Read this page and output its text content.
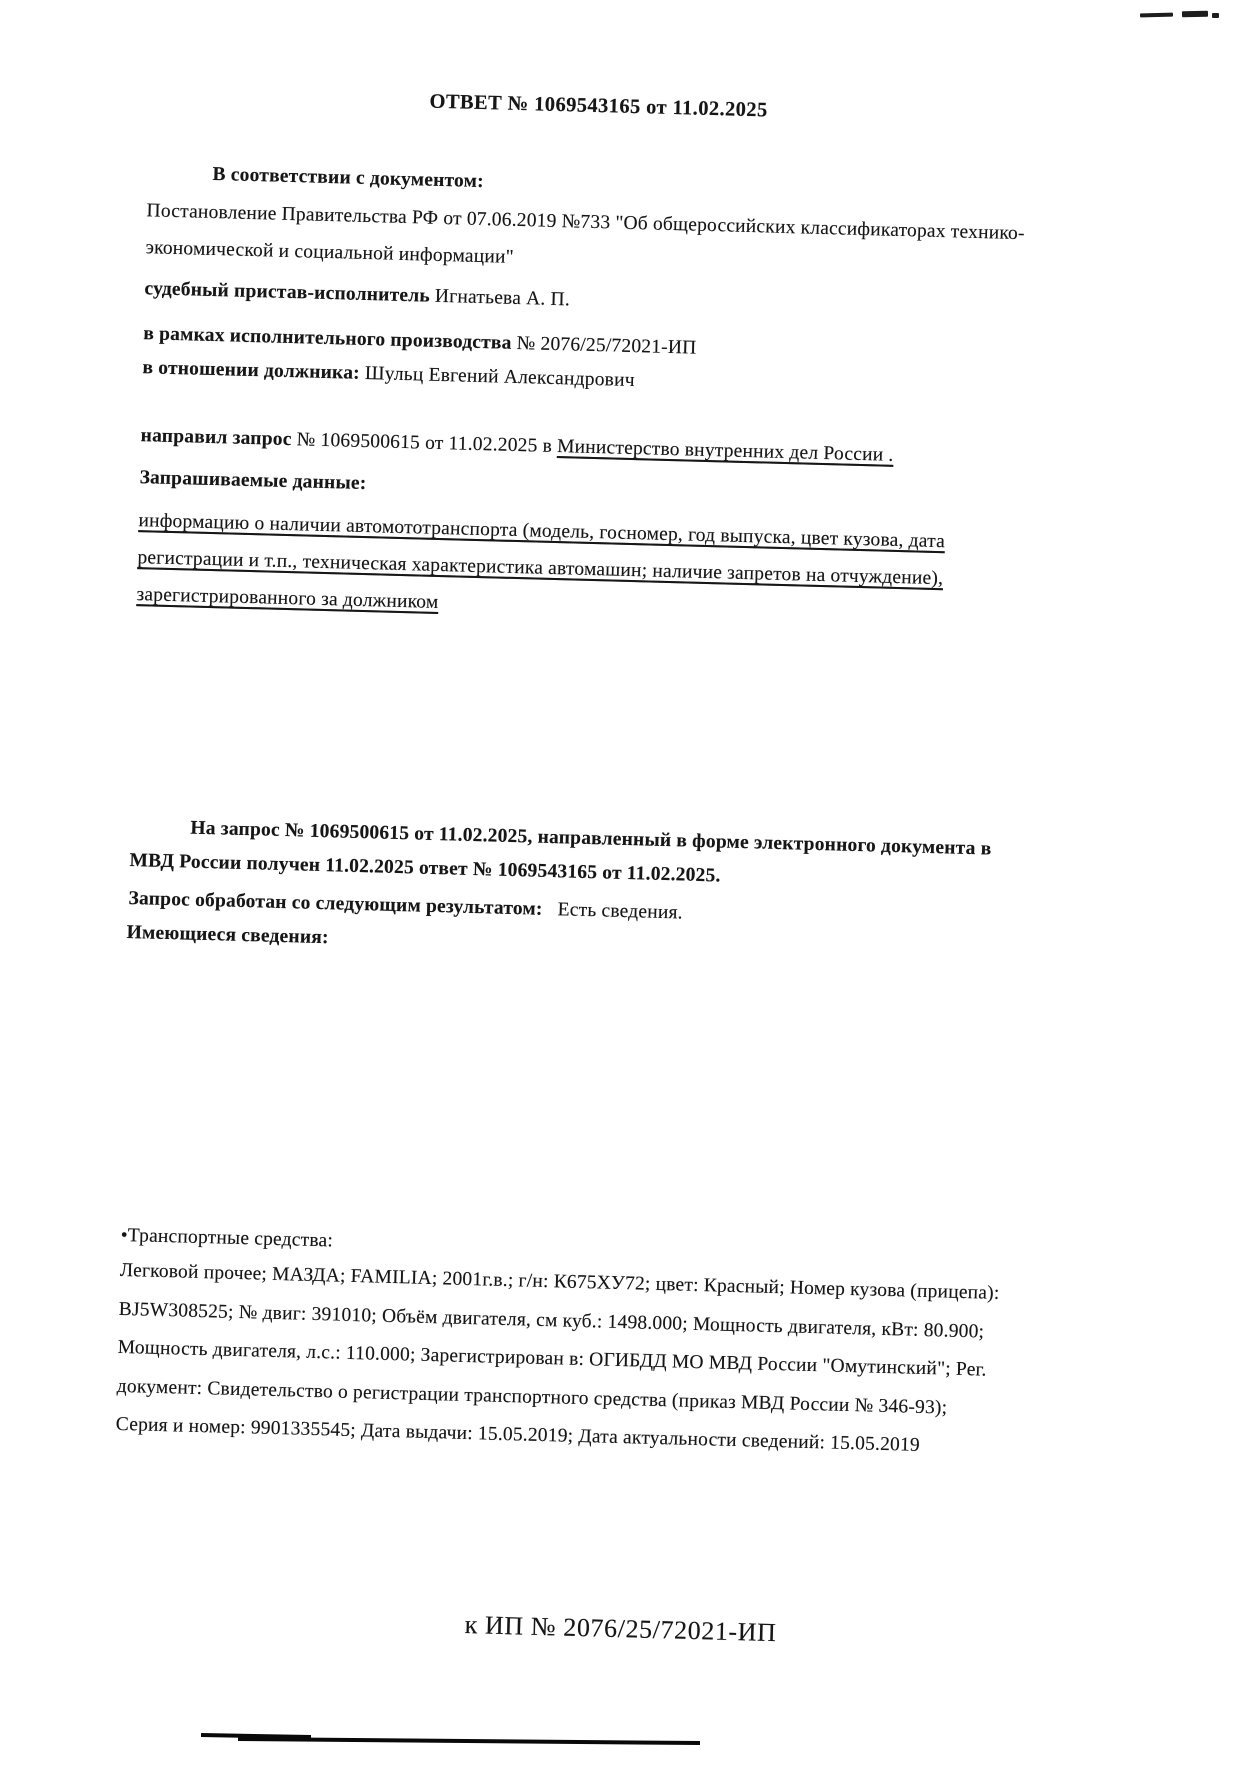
ОТВЕТ № 1069543165 от 11.02.2025
В соответствии с документом:
Постановление Правительства РФ от 07.06.2019 №733 "Об общероссийских классификаторах технико-экономической и социальной информации"
судебный пристав-исполнитель Игнатьева А. П.
в рамках исполнительного производства № 2076/25/72021-ИП
в отношении должника: Шульц Евгений Александрович
направил запрос № 1069500615 от 11.02.2025 в Министерство внутренних дел России .
Запрашиваемые данные:
информацию о наличии автомототранспорта (модель, госномер, год выпуска, цвет кузова, дата регистрации и т.п., техническая характеристика автомашин; наличие запретов на отчуждение), зарегистрированного за должником
На запрос № 1069500615 от 11.02.2025, направленный в форме электронного документа в МВД России получен 11.02.2025 ответ № 1069543165 от 11.02.2025.
Запрос обработан со следующим результатом: Есть сведения.
Имеющиеся сведения:
•Транспортные средства:
Легковой прочее; МАЗДА; FAMILIA; 2001г.в.; г/н: К675ХУ72; цвет: Красный; Номер кузова (прицепа): BJ5W308525; № двиг: 391010; Объём двигателя, см куб.: 1498.000; Мощность двигателя, кВт: 80.900; Мощность двигателя, л.с.: 110.000; Зарегистрирован в: ОГИБДД МО МВД России "Омутинский"; Рег. документ: Свидетельство о регистрации транспортного средства (приказ МВД России № 346-93); Серия и номер: 9901335545; Дата выдачи: 15.05.2019; Дата актуальности сведений: 15.05.2019
к ИП № 2076/25/72021-ИП
